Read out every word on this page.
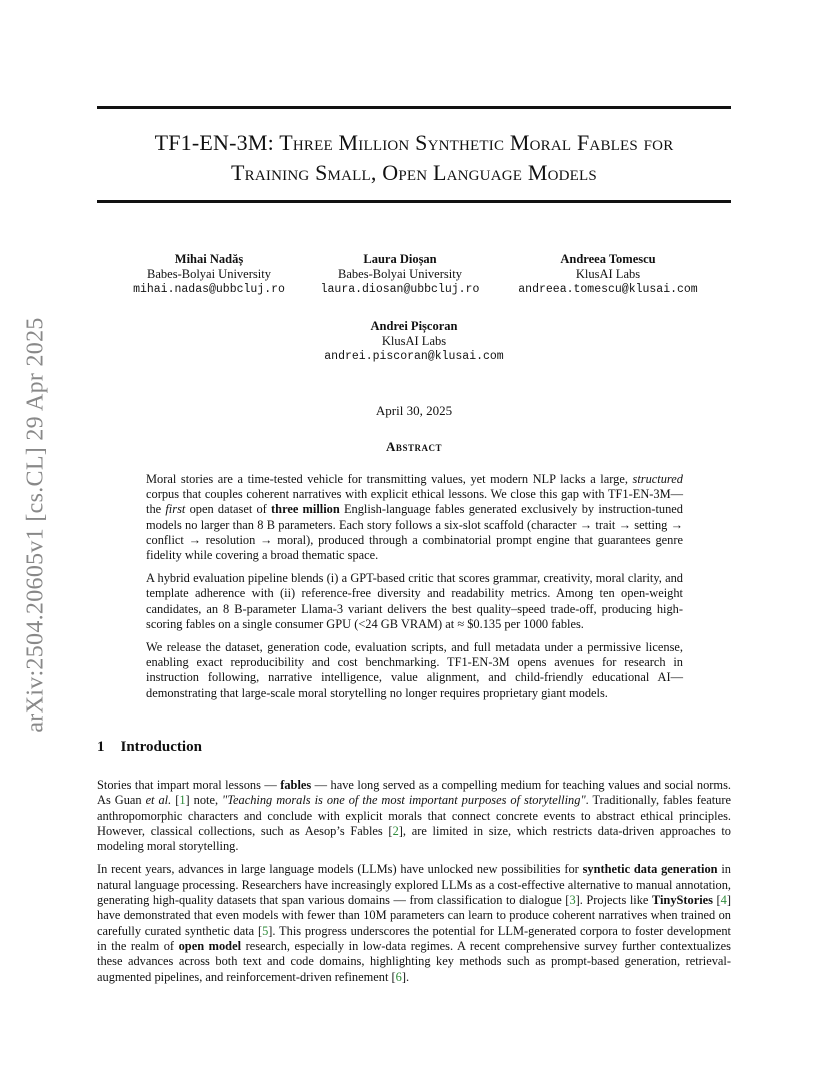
arXiv:2504.20605v1 [cs.CL] 29 Apr 2025
TF1-EN-3M: Three Million Synthetic Moral Fables for
Training Small, Open Language Models
Mihai Nadăș
Babes-Bolyai University
mihai.nadas@ubbcluj.ro
Laura Dioșan
Babes-Bolyai University
laura.diosan@ubbcluj.ro
Andreea Tomescu
KlusAI Labs
andreea.tomescu@klusai.com
Andrei Pișcoran
KlusAI Labs
andrei.piscoran@klusai.com
April 30, 2025
Abstract

Moral stories are a time-tested vehicle for transmitting values, yet modern NLP lacks a large, structured corpus that couples coherent narratives with explicit ethical lessons. We close this gap with TF1-EN-3M—the first open dataset of three million English-language fables generated exclusively by instruction-tuned models no larger than 8 B parameters. Each story follows a six-slot scaffold (character → trait → setting → conflict → resolution → moral), produced through a combinatorial prompt engine that guarantees genre fidelity while covering a broad thematic space.

A hybrid evaluation pipeline blends (i) a GPT-based critic that scores grammar, creativity, moral clarity, and template adherence with (ii) reference-free diversity and readability metrics. Among ten open-weight candidates, an 8 B-parameter Llama-3 variant delivers the best quality–speed trade-off, producing high-scoring fables on a single consumer GPU (<24 GB VRAM) at ≈ $0.135 per 1000 fables.

We release the dataset, generation code, evaluation scripts, and full metadata under a permissive license, enabling exact reproducibility and cost benchmarking. TF1-EN-3M opens avenues for research in instruction following, narrative intelligence, value alignment, and child-friendly educational AI—demonstrating that large-scale moral storytelling no longer requires proprietary giant models.

1 Introduction

Stories that impart moral lessons — fables — have long served as a compelling medium for teaching values and social norms. As Guan et al. [1] note, "Teaching morals is one of the most important purposes of storytelling". Traditionally, fables feature anthropomorphic characters and conclude with explicit morals that connect concrete events to abstract ethical principles. However, classical collections, such as Aesop’s Fables [2], are limited in size, which restricts data-driven approaches to modeling moral storytelling.

In recent years, advances in large language models (LLMs) have unlocked new possibilities for synthetic data generation in natural language processing. Researchers have increasingly explored LLMs as a cost-effective alternative to manual annotation, generating high-quality datasets that span various domains — from classification to dialogue [3]. Projects like TinyStories [4] have demonstrated that even models with fewer than 10M parameters can learn to produce coherent narratives when trained on carefully curated synthetic data [5]. This progress underscores the potential for LLM-generated corpora to foster development in the realm of open model research, especially in low-data regimes. A recent comprehensive survey further contextualizes these advances across both text and code domains, highlighting key methods such as prompt-based generation, retrieval-augmented pipelines, and reinforcement-driven refinement [6].
